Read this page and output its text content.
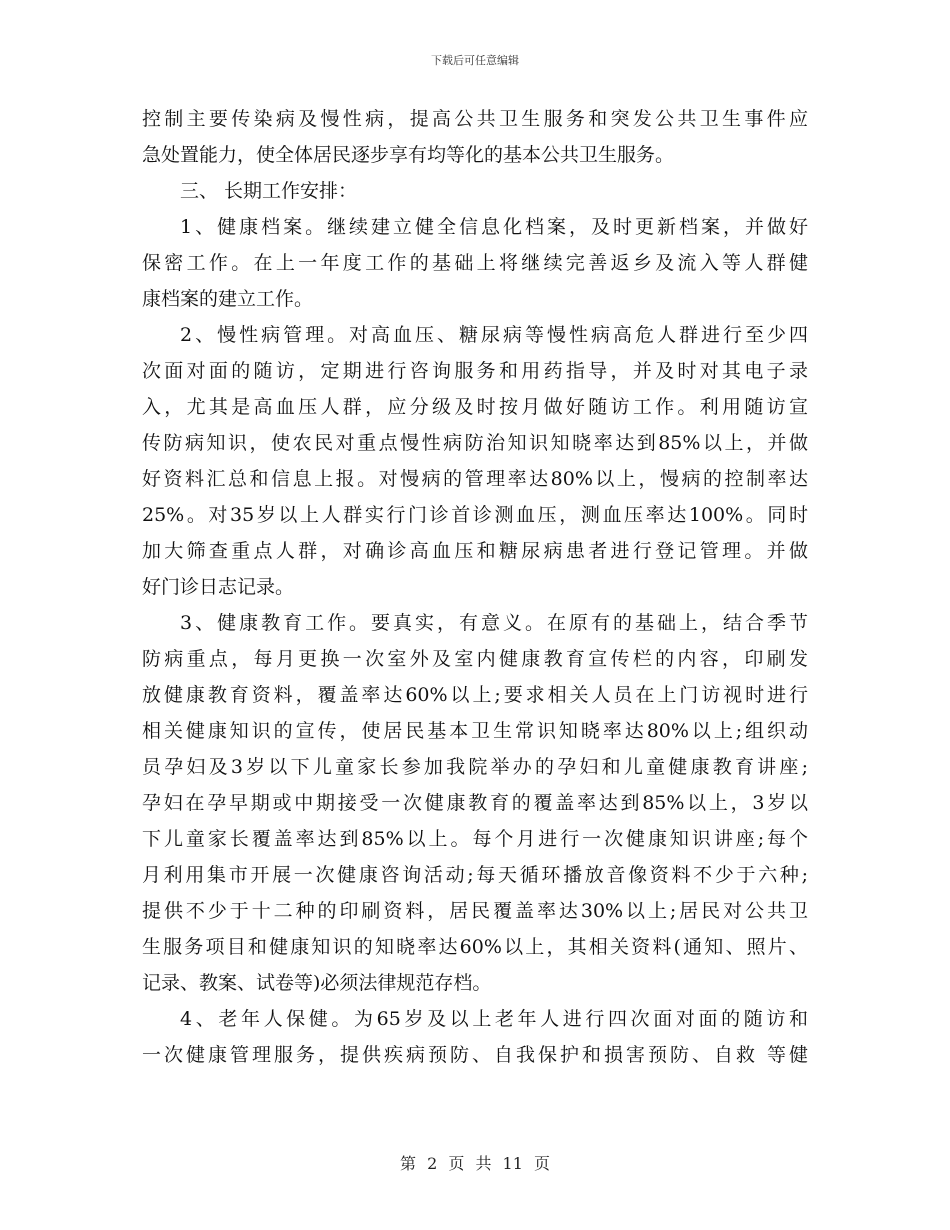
下载后可任意编辑
控制主要传染病及慢性病，提高公共卫生服务和突发公共卫生事件应
急处置能力，使全体居民逐步享有均等化的基本公共卫生服务。
三、 长期工作安排：
1、健康档案。继续建立健全信息化档案，及时更新档案，并做好
保密工作。在上一年度工作的基础上将继续完善返乡及流入等人群健
康档案的建立工作。
2、慢性病管理。对高血压、糖尿病等慢性病高危人群进行至少四
次面对面的随访，定期进行咨询服务和用药指导，并及时对其电子录
入，尤其是高血压人群，应分级及时按月做好随访工作。利用随访宣
传防病知识，使农民对重点慢性病防治知识知晓率达到85%以上，并做
好资料汇总和信息上报。对慢病的管理率达80%以上，慢病的控制率达
25%。对35岁以上人群实行门诊首诊测血压，测血压率达100%。同时
加大筛查重点人群，对确诊高血压和糖尿病患者进行登记管理。并做
好门诊日志记录。
3、健康教育工作。要真实，有意义。在原有的基础上，结合季节
防病重点，每月更换一次室外及室内健康教育宣传栏的内容，印刷发
放健康教育资料，覆盖率达60%以上;要求相关人员在上门访视时进行
相关健康知识的宣传，使居民基本卫生常识知晓率达80%以上;组织动
员孕妇及3岁以下儿童家长参加我院举办的孕妇和儿童健康教育讲座;
孕妇在孕早期或中期接受一次健康教育的覆盖率达到85%以上，3岁以
下儿童家长覆盖率达到85%以上。每个月进行一次健康知识讲座;每个
月利用集市开展一次健康咨询活动;每天循环播放音像资料不少于六种;
提供不少于十二种的印刷资料，居民覆盖率达30%以上;居民对公共卫
生服务项目和健康知识的知晓率达60%以上，其相关资料(通知、照片、
记录、教案、试卷等)必须法律规范存档。
4、老年人保健。为65岁及以上老年人进行四次面对面的随访和
一次健康管理服务，提供疾病预防、自我保护和损害预防、自救 等健
第 2 页 共 11 页
